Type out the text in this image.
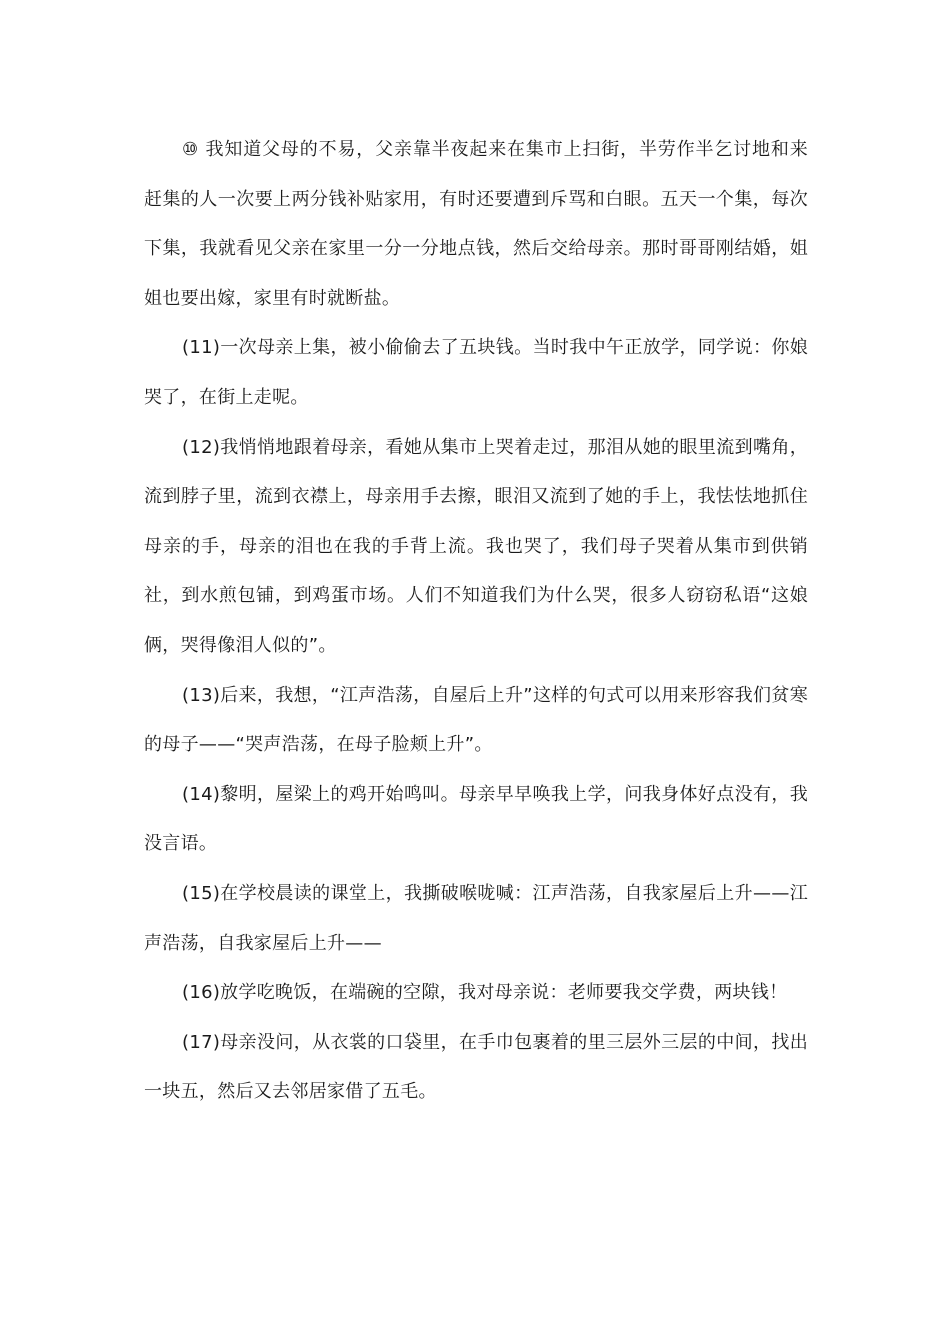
⑩ 我知道父母的不易，父亲靠半夜起来在集市上扫街，半劳作半乞讨地和来赶集的人一次要上两分钱补贴家用，有时还要遭到斥骂和白眼。五天一个集，每次下集，我就看见父亲在家里一分一分地点钱，然后交给母亲。那时哥哥刚结婚，姐姐也要出嫁，家里有时就断盐。

(11)一次母亲上集，被小偷偷去了五块钱。当时我中午正放学，同学说：你娘哭了，在街上走呢。

(12)我悄悄地跟着母亲，看她从集市上哭着走过，那泪从她的眼里流到嘴角，流到脖子里，流到衣襟上，母亲用手去擦，眼泪又流到了她的手上，我怯怯地抓住母亲的手，母亲的泪也在我的手背上流。我也哭了，我们母子哭着从集市到供销社，到水煎包铺，到鸡蛋市场。人们不知道我们为什么哭，很多人窃窃私语“这娘俩，哭得像泪人似的”。

(13)后来，我想，“江声浩荡，自屋后上升”这样的句式可以用来形容我们贫寒的母子——“哭声浩荡，在母子脸颊上升”。

(14)黎明，屋梁上的鸡开始鸣叫。母亲早早唤我上学，问我身体好点没有，我没言语。

(15)在学校晨读的课堂上，我撕破喉咙喊：江声浩荡，自我家屋后上升——江声浩荡，自我家屋后上升——

(16)放学吃晚饭，在端碗的空隙，我对母亲说：老师要我交学费，两块钱！

(17)母亲没问，从衣裳的口袋里，在手巾包裹着的里三层外三层的中间，找出一块五，然后又去邻居家借了五毛。
